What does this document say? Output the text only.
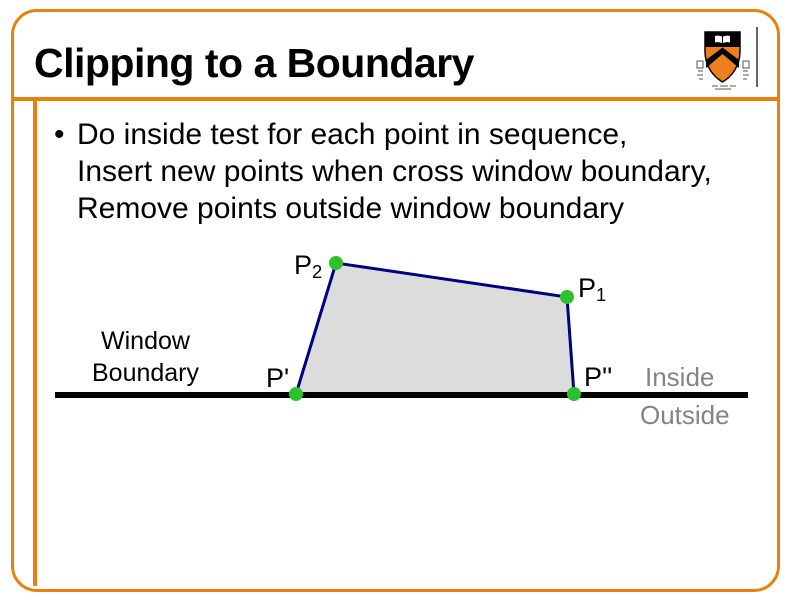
Clipping to a Boundary
• Do inside test for each point in sequence,
Insert new points when cross window boundary,
Remove points outside window boundary
Window
Boundary
$P_2$
$P_1$
P'	P'' Inside
Outside
